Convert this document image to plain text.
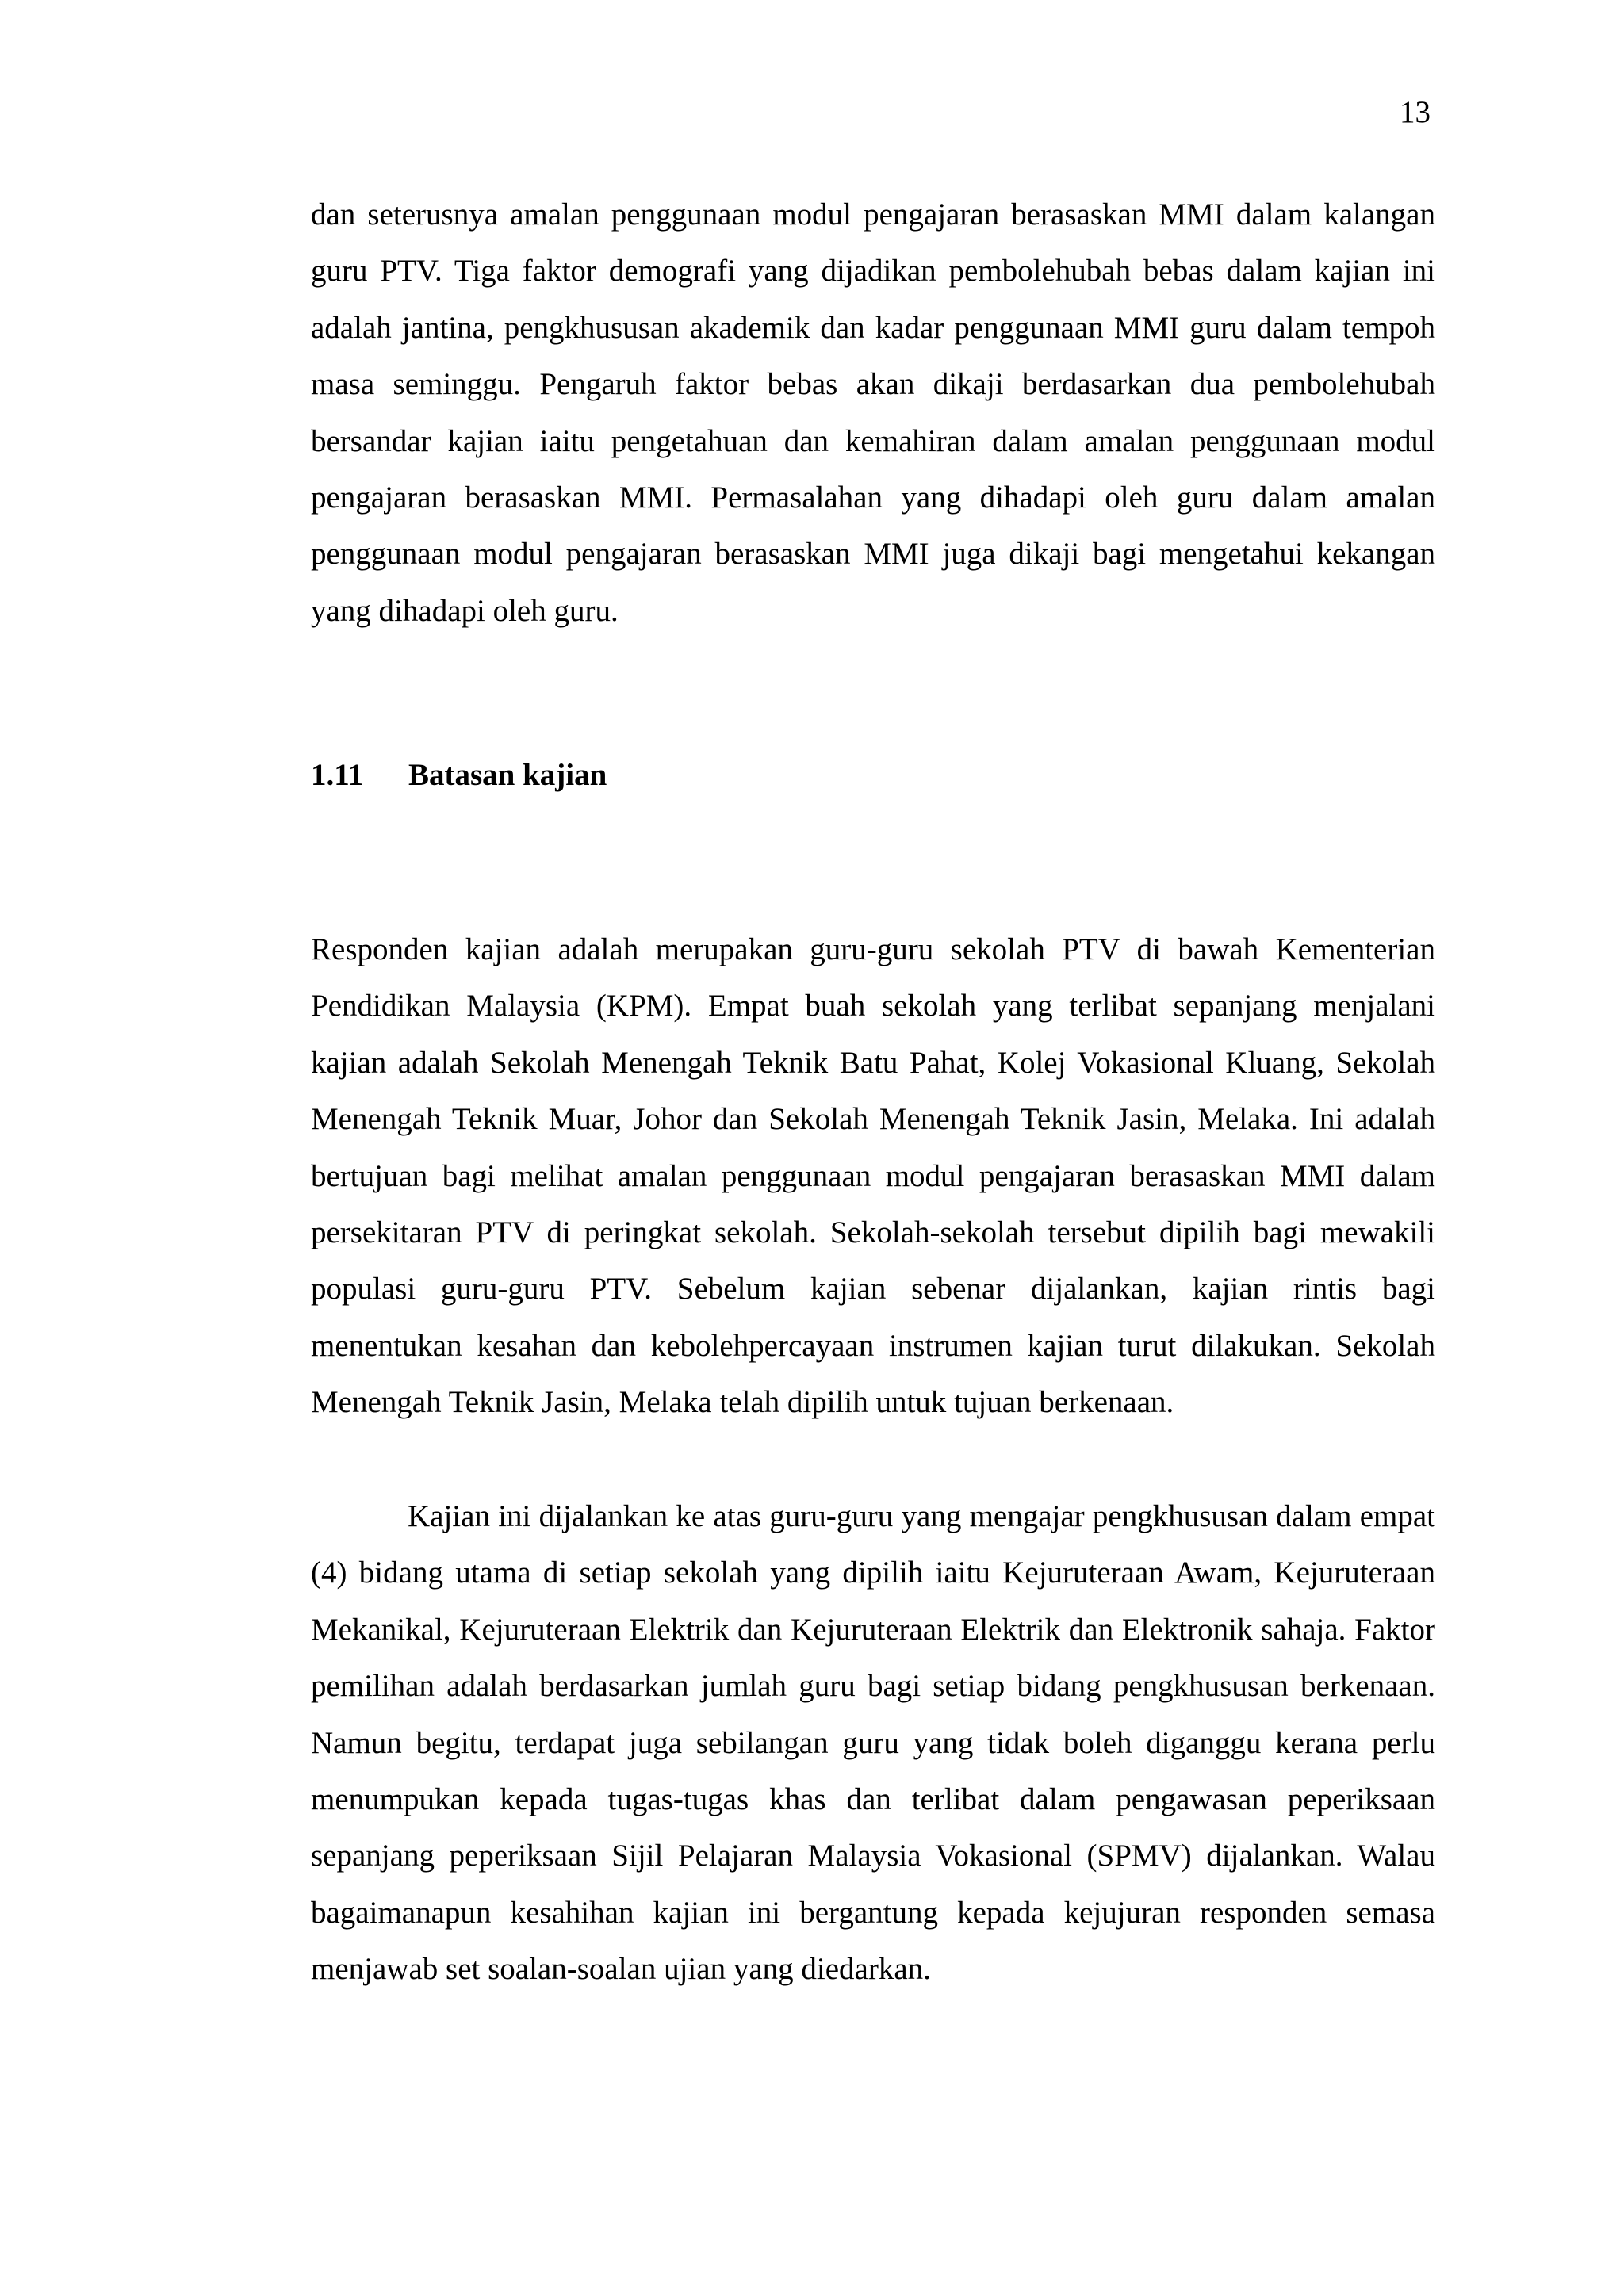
13

dan seterusnya amalan penggunaan modul pengajaran berasaskan MMI dalam kalangan guru PTV. Tiga faktor demografi yang dijadikan pembolehubah bebas dalam kajian ini adalah jantina, pengkhususan akademik dan kadar penggunaan MMI guru dalam tempoh masa seminggu. Pengaruh faktor bebas akan dikaji berdasarkan dua pembolehubah bersandar kajian iaitu pengetahuan dan kemahiran dalam amalan penggunaan modul pengajaran berasaskan MMI. Permasalahan yang dihadapi oleh guru dalam amalan penggunaan modul pengajaran berasaskan MMI juga dikaji bagi mengetahui kekangan yang dihadapi oleh guru.

1.11 Batasan kajian

Responden kajian adalah merupakan guru-guru sekolah PTV di bawah Kementerian Pendidikan Malaysia (KPM). Empat buah sekolah yang terlibat sepanjang menjalani kajian adalah Sekolah Menengah Teknik Batu Pahat, Kolej Vokasional Kluang, Sekolah Menengah Teknik Muar, Johor dan Sekolah Menengah Teknik Jasin, Melaka. Ini adalah bertujuan bagi melihat amalan penggunaan modul pengajaran berasaskan MMI dalam persekitaran PTV di peringkat sekolah. Sekolah-sekolah tersebut dipilih bagi mewakili populasi guru-guru PTV. Sebelum kajian sebenar dijalankan, kajian rintis bagi menentukan kesahan dan kebolehpercayaan instrumen kajian turut dilakukan. Sekolah Menengah Teknik Jasin, Melaka telah dipilih untuk tujuan berkenaan.

Kajian ini dijalankan ke atas guru-guru yang mengajar pengkhususan dalam empat (4) bidang utama di setiap sekolah yang dipilih iaitu Kejuruteraan Awam, Kejuruteraan Mekanikal, Kejuruteraan Elektrik dan Kejuruteraan Elektrik dan Elektronik sahaja. Faktor pemilihan adalah berdasarkan jumlah guru bagi setiap bidang pengkhususan berkenaan. Namun begitu, terdapat juga sebilangan guru yang tidak boleh diganggu kerana perlu menumpukan kepada tugas-tugas khas dan terlibat dalam pengawasan peperiksaan sepanjang peperiksaan Sijil Pelajaran Malaysia Vokasional (SPMV) dijalankan. Walau bagaimanapun kesahihan kajian ini bergantung kepada kejujuran responden semasa menjawab set soalan-soalan ujian yang diedarkan.
